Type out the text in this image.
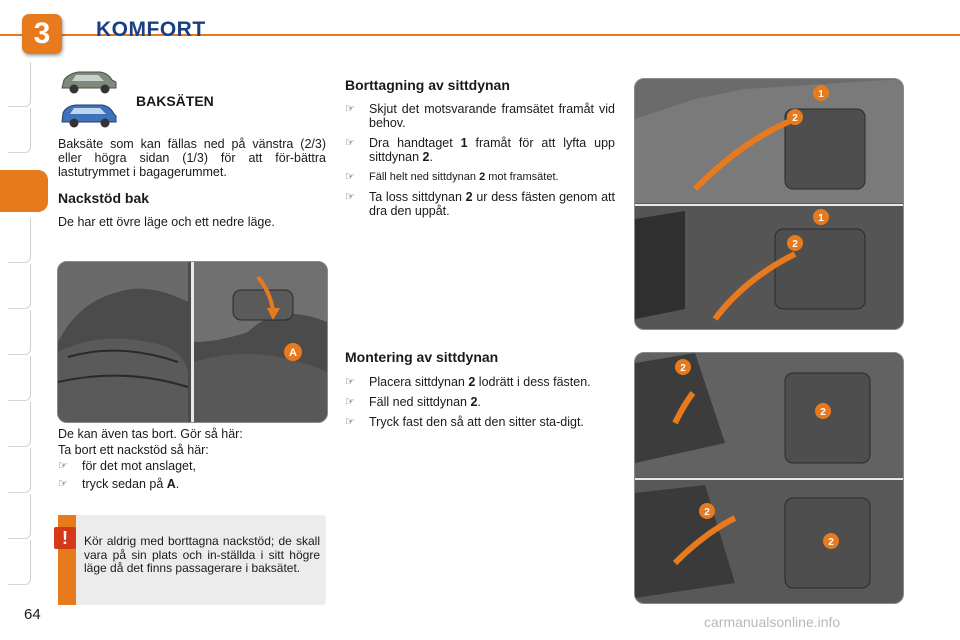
3 KOMFORT
BAKSÄTEN
Baksäte som kan fällas ned på vänstra (2/3) eller högra sidan (1/3) för att för-bättra lastutrymmet i bagagerummet.
Nackstöd bak
De har ett övre läge och ett nedre läge.
A
De kan även tas bort. Gör så här:
Ta bort ett nackstöd så här:
☞ för det mot anslaget,
☞ tryck sedan på A.
!	Kör aldrig med borttagna nackstöd; de skall vara på sin plats och in-ställda i sitt högre läge då det finns passagerare i baksätet.
Borttagning av sittdynan
☞ Skjut det motsvarande framsätet framåt vid behov.
☞ Dra handtaget 1 framåt för att lyfta upp sittdynan 2.
☞ Fäll helt ned sittdynan 2 mot framsätet.
☞ Ta loss sittdynan 2 ur dess fästen genom att dra den uppåt.
Montering av sittdynan
☞ Placera sittdynan 2 lodrätt i dess fästen.
☞ Fäll ned sittdynan 2.
☞ Tryck fast den så att den sitter sta-digt.
1
2
1
2
2
2
2
2
64	carmanualsonline.info
